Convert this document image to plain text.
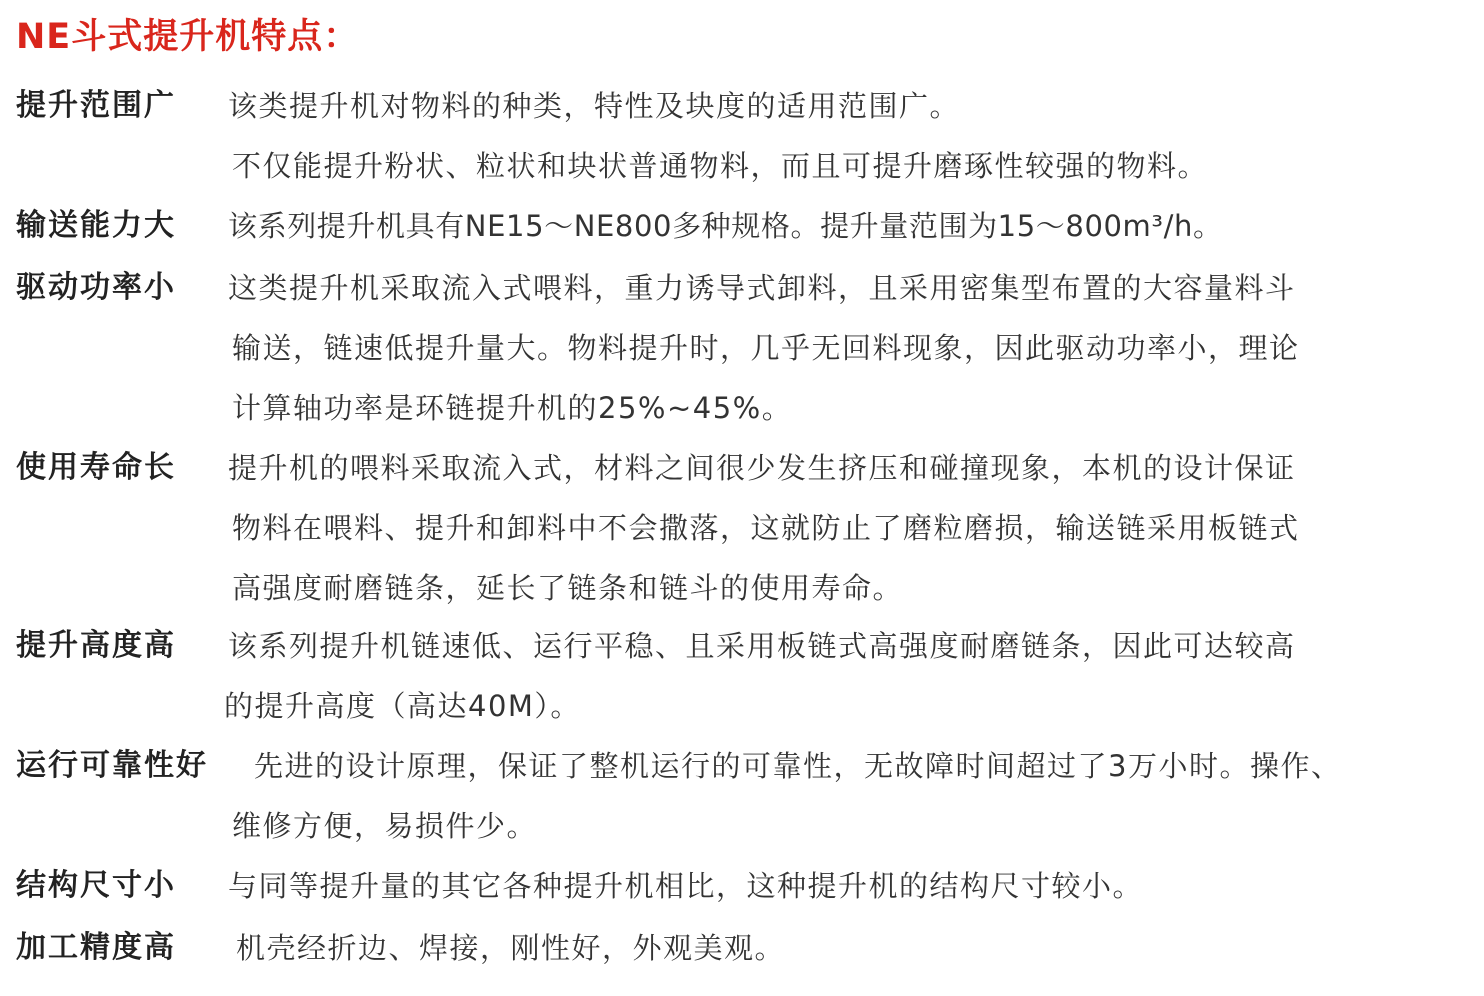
NE斗式提升机特点：
提升范围广 该类提升机对物料的种类，特性及块度的适用范围广。
不仅能提升粉状、粒状和块状普通物料，而且可提升磨琢性较强的物料。
输送能力大 该系列提升机具有NE15～NE800多种规格。提升量范围为15～800m³/h。
驱动功率小 这类提升机采取流入式喂料，重力诱导式卸料，且采用密集型布置的大容量料斗
输送，链速低提升量大。物料提升时，几乎无回料现象，因此驱动功率小，理论
计算轴功率是环链提升机的25%~45%。
使用寿命长 提升机的喂料采取流入式，材料之间很少发生挤压和碰撞现象，本机的设计保证
物料在喂料、提升和卸料中不会撒落，这就防止了磨粒磨损，输送链采用板链式
高强度耐磨链条，延长了链条和链斗的使用寿命。
提升高度高 该系列提升机链速低、运行平稳、且采用板链式高强度耐磨链条，因此可达较高
的提升高度（高达40M）。
运行可靠性好 先进的设计原理，保证了整机运行的可靠性，无故障时间超过了3万小时。操作、
维修方便，易损件少。
结构尺寸小 与同等提升量的其它各种提升机相比，这种提升机的结构尺寸较小。
加工精度高 机壳经折边、焊接，刚性好，外观美观。
